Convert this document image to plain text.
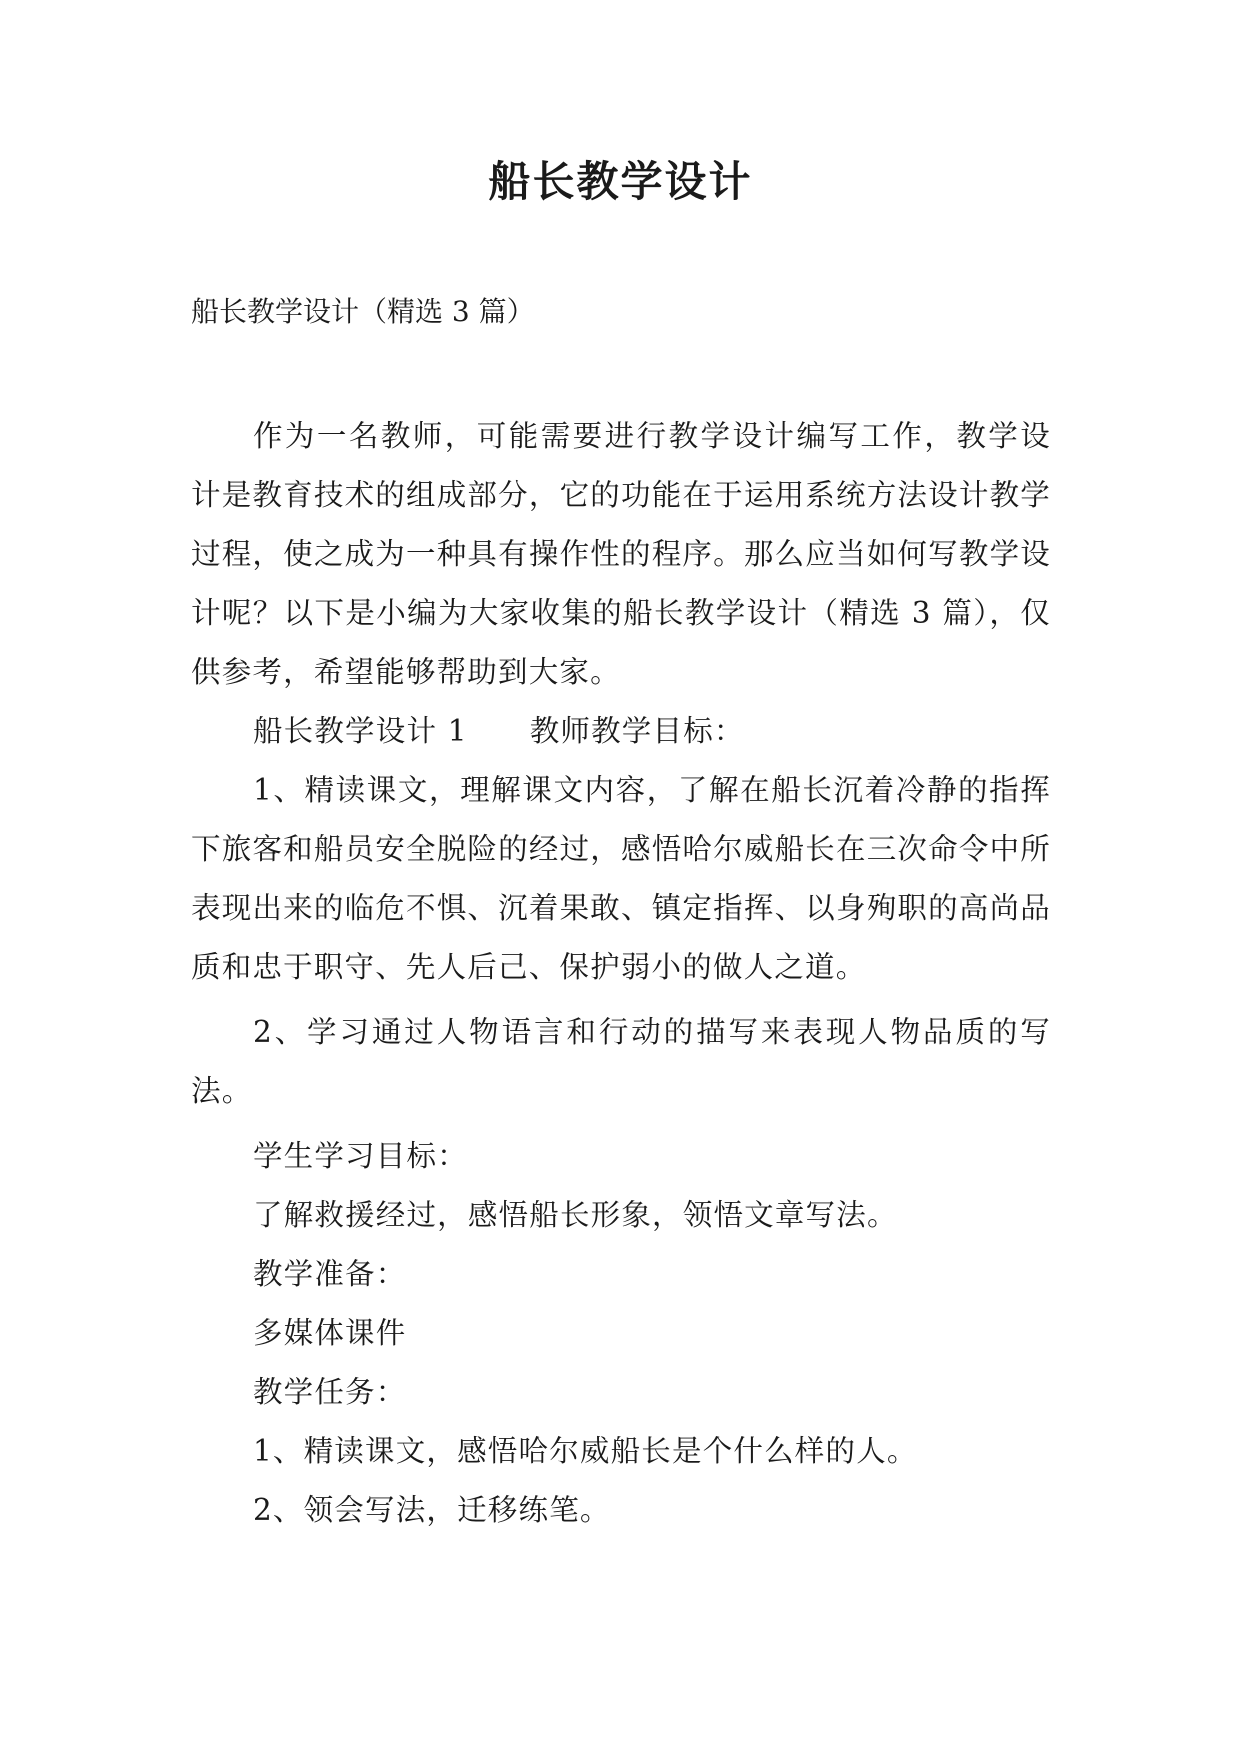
船长教学设计
船长教学设计（精选 3 篇）

作为一名教师，可能需要进行教学设计编写工作，教学设计是教育技术的组成部分，它的功能在于运用系统方法设计教学过程，使之成为一种具有操作性的程序。那么应当如何写教学设计呢？以下是小编为大家收集的船长教学设计（精选 3 篇），仅供参考，希望能够帮助到大家。

船长教学设计 1 教师教学目标：

1、精读课文，理解课文内容，了解在船长沉着冷静的指挥下旅客和船员安全脱险的经过，感悟哈尔威船长在三次命令中所表现出来的临危不惧、沉着果敢、镇定指挥、以身殉职的高尚品质和忠于职守、先人后己、保护弱小的做人之道。

2、学习通过人物语言和行动的描写来表现人物品质的写法。

学生学习目标：

了解救援经过，感悟船长形象，领悟文章写法。

教学准备：

多媒体课件

教学任务：

1、精读课文，感悟哈尔威船长是个什么样的人。

2、领会写法，迁移练笔。
